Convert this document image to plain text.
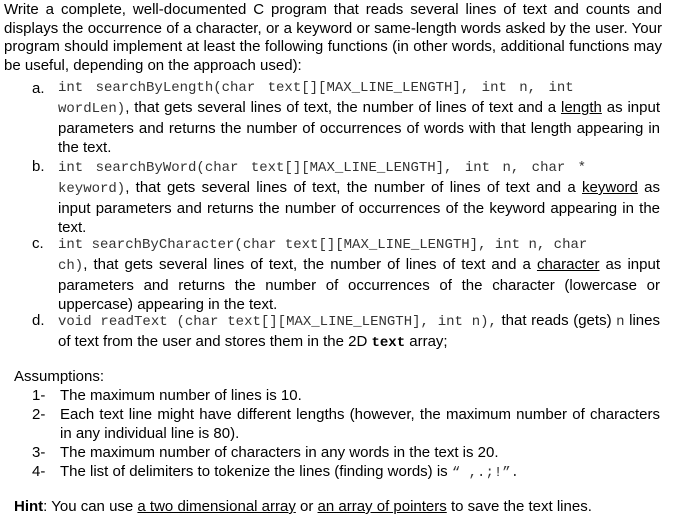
Write a complete, well-documented C program that reads several lines of text and counts and displays the occurrence of a character, or a keyword or same-length words asked by the user. Your program should implement at least the following functions (in other words, additional functions may be useful, depending on the approach used):
a. int searchByLength(char text[][MAX_LINE_LENGTH], int n, int
wordLen), that gets several lines of text, the number of lines of text and a length as input parameters and returns the number of occurrences of words with that length appearing in the text.
b. int searchByWord(char text[][MAX_LINE_LENGTH], int n, char *
keyword), that gets several lines of text, the number of lines of text and a keyword as input parameters and returns the number of occurrences of the keyword appearing in the text.
c. int searchByCharacter(char text[][MAX_LINE_LENGTH], int n, char
ch), that gets several lines of text, the number of lines of text and a character as input parameters and returns the number of occurrences of the character (lowercase or uppercase) appearing in the text.
d. void readText (char text[][MAX_LINE_LENGTH], int n), that reads (gets) n lines of text from the user and stores them in the 2D text array;
Assumptions:
1- The maximum number of lines is 10.
2- Each text line might have different lengths (however, the maximum number of characters in any individual line is 80).
3- The maximum number of characters in any words in the text is 20.
4- The list of delimiters to tokenize the lines (finding words) is “ ,.;!”.
Hint: You can use a two dimensional array or an array of pointers to save the text lines.
